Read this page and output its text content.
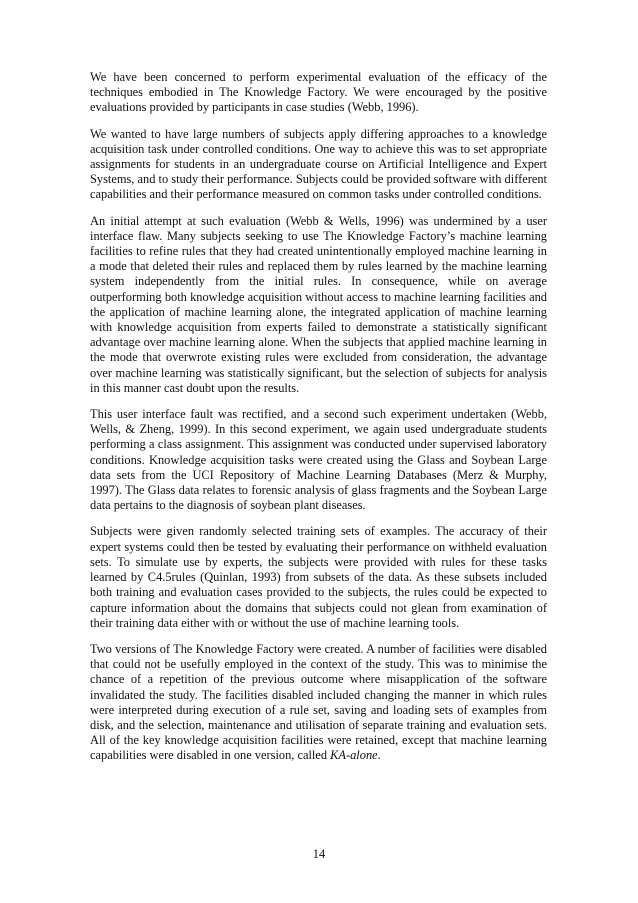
We have been concerned to perform experimental evaluation of the efficacy of the techniques embodied in The Knowledge Factory. We were encouraged by the positive evaluations provided by participants in case studies (Webb, 1996).

We wanted to have large numbers of subjects apply differing approaches to a knowledge acquisition task under controlled conditions. One way to achieve this was to set appropriate assignments for students in an undergraduate course on Artificial Intelligence and Expert Systems, and to study their performance. Subjects could be provided software with different capabilities and their performance measured on common tasks under controlled conditions.

An initial attempt at such evaluation (Webb & Wells, 1996) was undermined by a user interface flaw. Many subjects seeking to use The Knowledge Factory’s machine learning facilities to refine rules that they had created unintentionally employed machine learning in a mode that deleted their rules and replaced them by rules learned by the machine learning system independently from the initial rules. In consequence, while on average outperforming both knowledge acquisition without access to machine learning facilities and the application of machine learning alone, the integrated application of machine learning with knowledge acquisition from experts failed to demonstrate a statistically significant advantage over machine learning alone. When the subjects that applied machine learning in the mode that overwrote existing rules were excluded from consideration, the advantage over machine learning was statistically significant, but the selection of subjects for analysis in this manner cast doubt upon the results.

This user interface fault was rectified, and a second such experiment undertaken (Webb, Wells, & Zheng, 1999). In this second experiment, we again used undergraduate students performing a class assignment. This assignment was conducted under supervised laboratory conditions. Knowledge acquisition tasks were created using the Glass and Soybean Large data sets from the UCI Repository of Machine Learning Databases (Merz & Murphy, 1997). The Glass data relates to forensic analysis of glass fragments and the Soybean Large data pertains to the diagnosis of soybean plant diseases.

Subjects were given randomly selected training sets of examples. The accuracy of their expert systems could then be tested by evaluating their performance on withheld evaluation sets. To simulate use by experts, the subjects were provided with rules for these tasks learned by C4.5rules (Quinlan, 1993) from subsets of the data. As these subsets included both training and evaluation cases provided to the subjects, the rules could be expected to capture information about the domains that subjects could not glean from examination of their training data either with or without the use of machine learning tools.

Two versions of The Knowledge Factory were created. A number of facilities were disabled that could not be usefully employed in the context of the study. This was to minimise the chance of a repetition of the previous outcome where misapplication of the software invalidated the study. The facilities disabled included changing the manner in which rules were interpreted during execution of a rule set, saving and loading sets of examples from disk, and the selection, maintenance and utilisation of separate training and evaluation sets. All of the key knowledge acquisition facilities were retained, except that machine learning capabilities were disabled in one version, called KA-alone.

14
